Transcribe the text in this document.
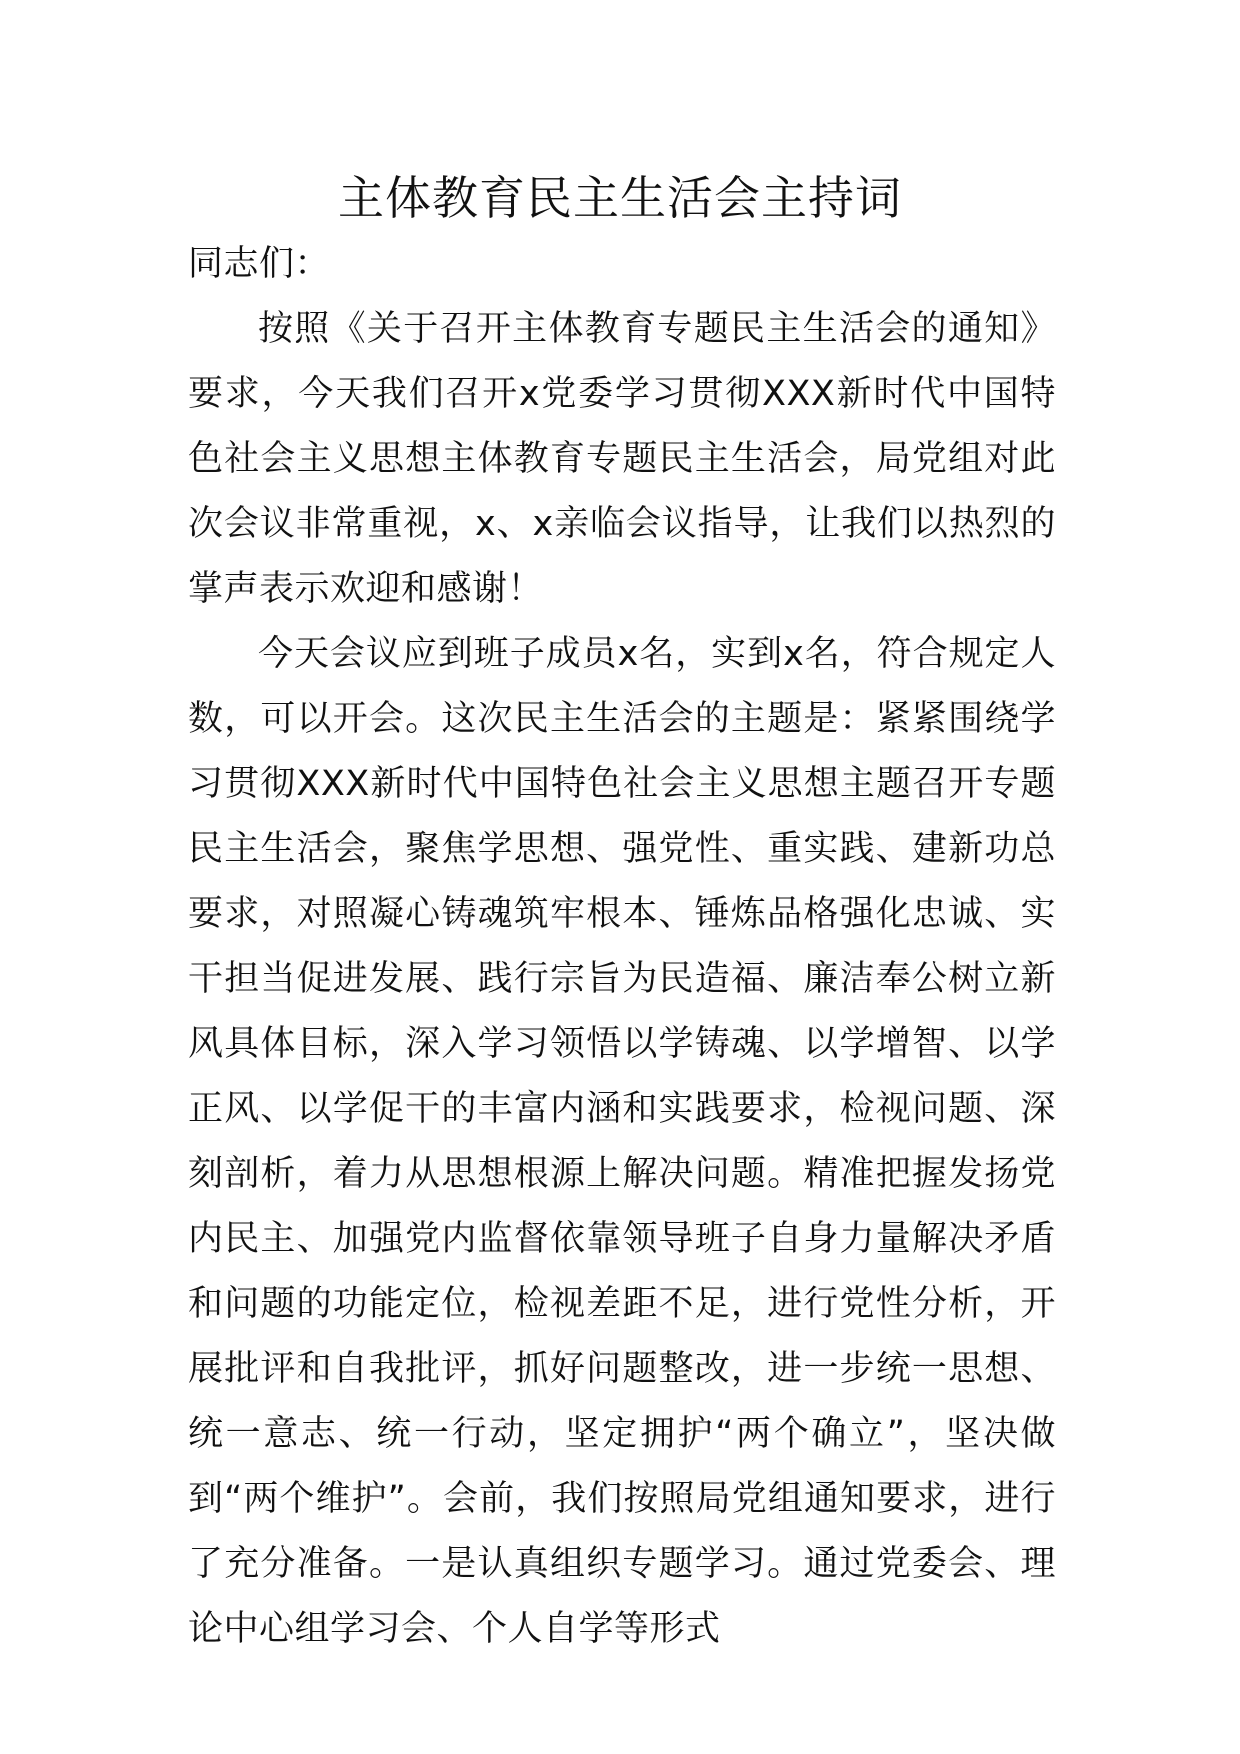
主体教育民主生活会主持词

同志们：

按照《关于召开主体教育专题民主生活会的通知》要求，今天我们召开x党委学习贯彻XXX新时代中国特色社会主义思想主体教育专题民主生活会，局党组对此次会议非常重视，x、x亲临会议指导，让我们以热烈的掌声表示欢迎和感谢！

今天会议应到班子成员x名，实到x名，符合规定人数，可以开会。这次民主生活会的主题是：紧紧围绕学习贯彻XXX新时代中国特色社会主义思想主题召开专题民主生活会，聚焦学思想、强党性、重实践、建新功总要求，对照凝心铸魂筑牢根本、锤炼品格强化忠诚、实干担当促进发展、践行宗旨为民造福、廉洁奉公树立新风具体目标，深入学习领悟以学铸魂、以学增智、以学正风、以学促干的丰富内涵和实践要求，检视问题、深刻剖析，着力从思想根源上解决问题。精准把握发扬党内民主、加强党内监督依靠领导班子自身力量解决矛盾和问题的功能定位，检视差距不足，进行党性分析，开展批评和自我批评，抓好问题整改，进一步统一思想、统一意志、统一行动，坚定拥护“两个确立”，坚决做到“两个维护”。会前，我们按照局党组通知要求，进行了充分准备。一是认真组织专题学习。通过党委会、理论中心组学习会、个人自学等形式
